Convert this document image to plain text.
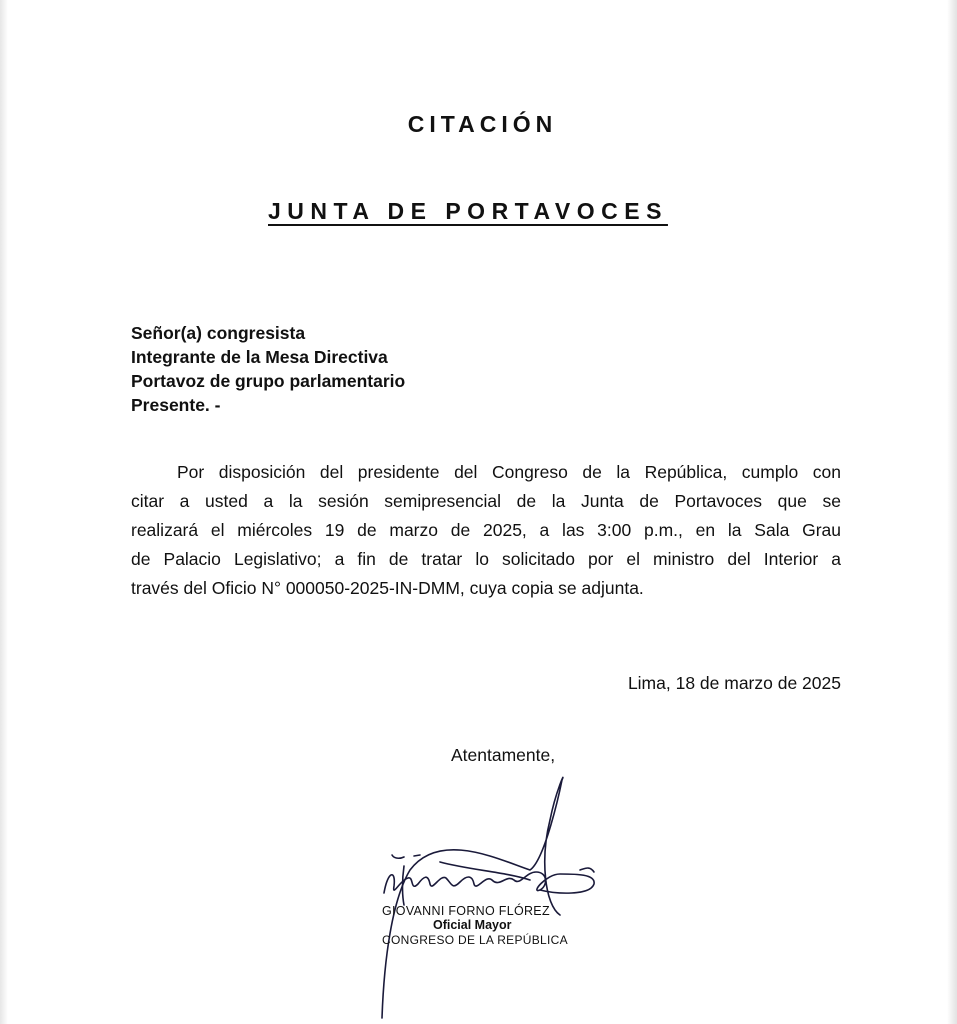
CITACIÓN
JUNTA DE PORTAVOCES
Señor(a) congresista
Integrante de la Mesa Directiva
Portavoz de grupo parlamentario
Presente. -
Por disposición del presidente del Congreso de la República, cumplo con
citar a usted a la sesión semipresencial de la Junta de Portavoces que se
realizará el miércoles 19 de marzo de 2025, a las 3:00 p.m., en la Sala Grau
de Palacio Legislativo; a fin de tratar lo solicitado por el ministro del Interior a
través del Oficio N° 000050-2025-IN-DMM, cuya copia se adjunta.
Lima, 18 de marzo de 2025
Atentamente,
GIOVANNI FORNO FLÓREZ
Oficial Mayor
CONGRESO DE LA REPÚBLICA
